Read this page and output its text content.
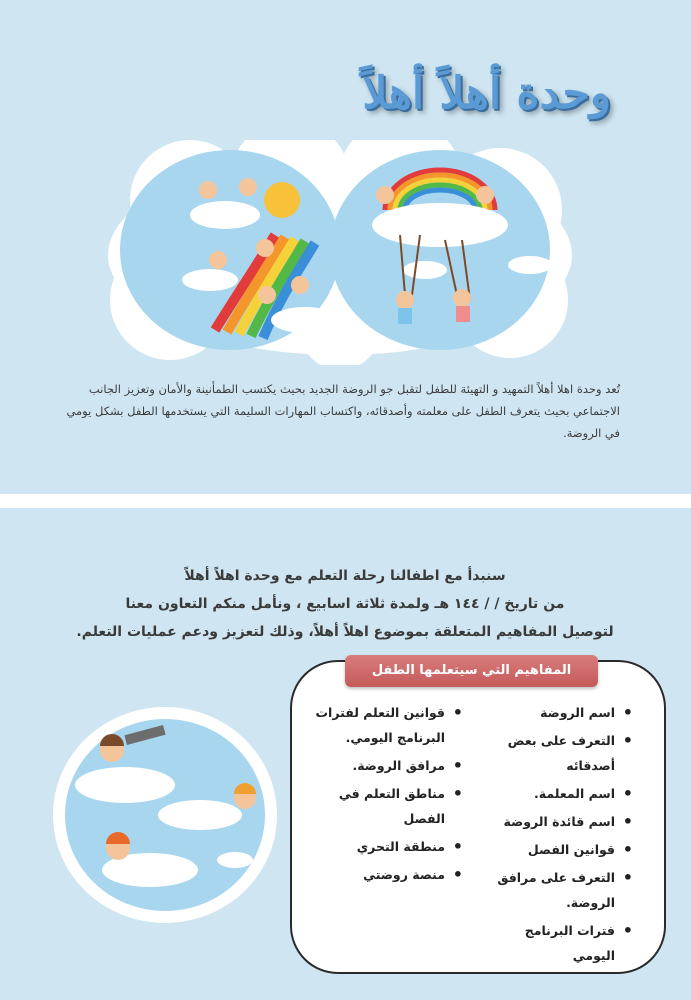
وحدة أهلاً أهلاً

تُعد وحدة اهلا أهلاً التمهيد و التهيئة للطفل لتقبل جو الروضة الجديد بحيث يكتسب الطمأنينة والأمان وتعزيز الجانب الاجتماعي بحيث يتعرف الطفل على معلمته وأصدقائه، واكتساب المهارات السليمة التي يستخدمها الطفل بشكل يومي في الروضة.

سنبدأ مع اطفالنا رحلة التعلم مع وحدة اهلاً أهلاً

من تاريخ / / ١٤٤ هـ ولمدة ثلاثة اسابيع ، ونأمل منكم التعاون معنا

لتوصيل المفاهيم المتعلقة بموضوع اهلاً أهلاً، وذلك لتعزيز ودعم عمليات التعلم.

المفاهيم التي سيتعلمها الطفل
• اسم الروضة
• التعرف على بعض أصدقائه
• اسم المعلمة.
• اسم قائدة الروضة
• قوانين الفصل
• التعرف على مرافق الروضة.
• فترات البرنامج اليومي
• قوانين التعلم لفترات البرنامج اليومي.
• مرافق الروضة.
• مناطق التعلم في الفصل
• منطقة التحري
• منصة روضتي
